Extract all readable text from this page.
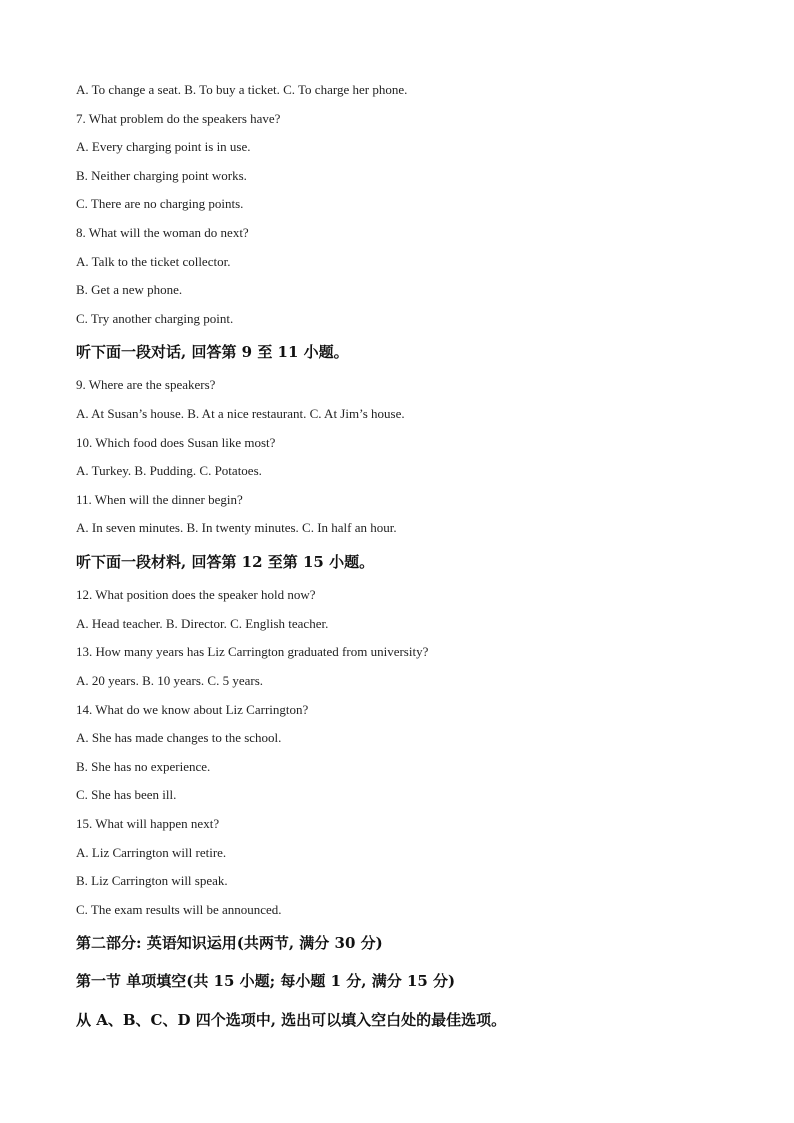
A. To change a seat. B. To buy a ticket. C. To charge her phone.
7. What problem do the speakers have?
A. Every charging point is in use.
B. Neither charging point works.
C. There are no charging points.
8. What will the woman do next?
A. Talk to the ticket collector.
B. Get a new phone.
C. Try another charging point.
听下面一段对话, 回答第 9 至 11 小题。
9. Where are the speakers?
A. At Susan’s house. B. At a nice restaurant. C. At Jim’s house.
10. Which food does Susan like most?
A. Turkey. B. Pudding. C. Potatoes.
11. When will the dinner begin?
A. In seven minutes. B. In twenty minutes. C. In half an hour.
听下面一段材料, 回答第 12 至第 15 小题。
12. What position does the speaker hold now?
A. Head teacher. B. Director. C. English teacher.
13. How many years has Liz Carrington graduated from university?
A. 20 years. B. 10 years. C. 5 years.
14. What do we know about Liz Carrington?
A. She has made changes to the school.
B. She has no experience.
C. She has been ill.
15. What will happen next?
A. Liz Carrington will retire.
B. Liz Carrington will speak.
C. The exam results will be announced.
第二部分: 英语知识运用(共两节, 满分 30 分)
第一节 单项填空(共 15 小题; 每小题 1 分, 满分 15 分)
从 A、B、C、D 四个选项中, 选出可以填入空白处的最佳选项。
